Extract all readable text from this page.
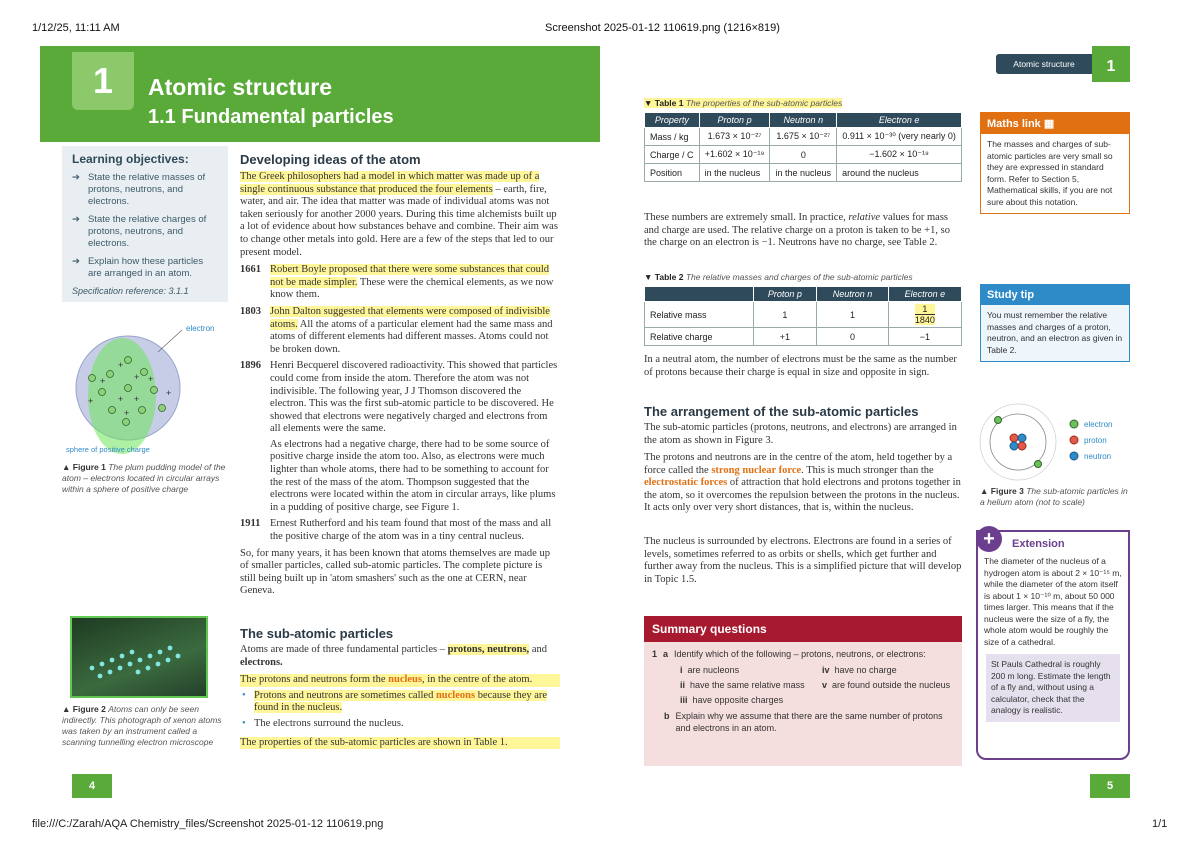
1/12/25, 11:11 AM	Screenshot 2025-01-12 110619.png (1216×819)
file:///C:/Zarah/AQA Chemistry_files/Screenshot 2025-01-12 110619.png	1/1
1	Atomic structure
1.1 Fundamental particles
Learning objectives:
➔ State the relative masses of protons, neutrons, and electrons.
➔ State the relative charges of protons, neutrons, and electrons.
➔ Explain how these particles are arranged in an atom.
Specification reference: 3.1.1
+
+
+	+
+ +
+
+
+
electron
sphere of positive charge
▲ Figure 1 The plum pudding model of the atom – electrons located in circular arrays within a sphere of positive charge
▲ Figure 2 Atoms can only be seen indirectly. This photograph of xenon atoms was taken by an instrument called a scanning tunnelling electron microscope
Developing ideas of the atom
The Greek philosophers had a model in which matter was made up of a single continuous substance that produced the four elements – earth, fire, water, and air. The idea that matter was made of individual atoms was not taken seriously for another 2000 years. During this time alchemists built up a lot of evidence about how substances behave and combine. Their aim was to change other metals into gold. Here are a few of the steps that led to our present model.
1661 Robert Boyle proposed that there were some substances that could not be made simpler. These were the chemical elements, as we now know them.
1803 John Dalton suggested that elements were composed of indivisible atoms. All the atoms of a particular element had the same mass and atoms of different elements had different masses. Atoms could not be broken down.
1896 Henri Becquerel discovered radioactivity. This showed that particles could come from inside the atom. Therefore the atom was not indivisible. The following year, J J Thomson discovered the electron. This was the first sub-atomic particle to be discovered. He showed that electrons were negatively charged and electrons from all elements were the same.
As electrons had a negative charge, there had to be some source of positive charge inside the atom too. Also, as electrons were much lighter than whole atoms, there had to be something to account for the rest of the mass of the atom. Thompson suggested that the electrons were located within the atom in circular arrays, like plums in a pudding of positive charge, see Figure 1.
1911 Ernest Rutherford and his team found that most of the mass and all the positive charge of the atom was in a tiny central nucleus.
So, for many years, it has been known that atoms themselves are made up of smaller particles, called sub-atomic particles. The complete picture is still being built up in 'atom smashers' such as the one at CERN, near Geneva.
The sub-atomic particles
Atoms are made of three fundamental particles – protons, neutrons, and electrons.
The protons and neutrons form the nucleus, in the centre of the atom.
• Protons and neutrons are sometimes called nucleons because they are found in the nucleus.
• The electrons surround the nucleus.
The properties of the sub-atomic particles are shown in Table 1.
4
Atomic structure	1
▼ Table 1 The properties of the sub-atomic particles
Property	Proton p	Neutron n	Electron e
Mass / kg	1.673 × 10⁻²⁷	1.675 × 10⁻²⁷	0.911 × 10⁻³⁰ (very nearly 0)
Charge / C	+1.602 × 10⁻¹⁹	0	−1.602 × 10⁻¹⁹
Position	in the nucleus	in the nucleus	around the nucleus
These numbers are extremely small. In practice, relative values for mass and charge are used. The relative charge on a proton is taken to be +1, so the charge on an electron is −1. Neutrons have no charge, see Table 2.
▼ Table 2 The relative masses and charges of the sub-atomic particles
	Proton p	Neutron n	Electron e
Relative mass	1	1	$\frac{1}{1840}$

Relative charge	+1	0	−1
In a neutral atom, the number of electrons must be the same as the number of protons because their charge is equal in size and opposite in sign.
The arrangement of the sub-atomic particles
The sub-atomic particles (protons, neutrons, and electrons) are arranged in the atom as shown in Figure 3.
The protons and neutrons are in the centre of the atom, held together by a force called the strong nuclear force. This is much stronger than the electrostatic forces of attraction that hold electrons and protons together in the atom, so it overcomes the repulsion between the protons in the nucleus. It acts only over very short distances, that is, within the nucleus.
The nucleus is surrounded by electrons. Electrons are found in a series of levels, sometimes referred to as orbits or shells, which get further and further away from the nucleus. This is a simplified picture that will develop in Topic 1.5.
Summary questions
1 a Identify which of the following – protons, neutrons, or electrons:
i are nucleons	iv have no charge
ii have the same relative mass	v are found outside the nucleus
iii have opposite charges
b Explain why we assume that there are the same number of protons and electrons in an atom.
Maths link ▦
The masses and charges of sub-atomic particles are very small so they are expressed in standard form. Refer to Section 5, Mathematical skills, if you are not sure about this notation.
Study tip
You must remember the relative masses and charges of a proton, neutron, and an electron as given in Table 2.
electron
proton
neutron
▲ Figure 3 The sub-atomic particles in a helium atom (not to scale)
+	Extension
The diameter of the nucleus of a hydrogen atom is about 2 × 10⁻¹⁵ m, while the diameter of the atom itself is about 1 × 10⁻¹⁰ m, about 50 000 times larger. This means that if the nucleus were the size of a fly, the whole atom would be roughly the size of a cathedral.
St Pauls Cathedral is roughly 200 m long. Estimate the length of a fly and, without using a calculator, check that the analogy is realistic.
5
